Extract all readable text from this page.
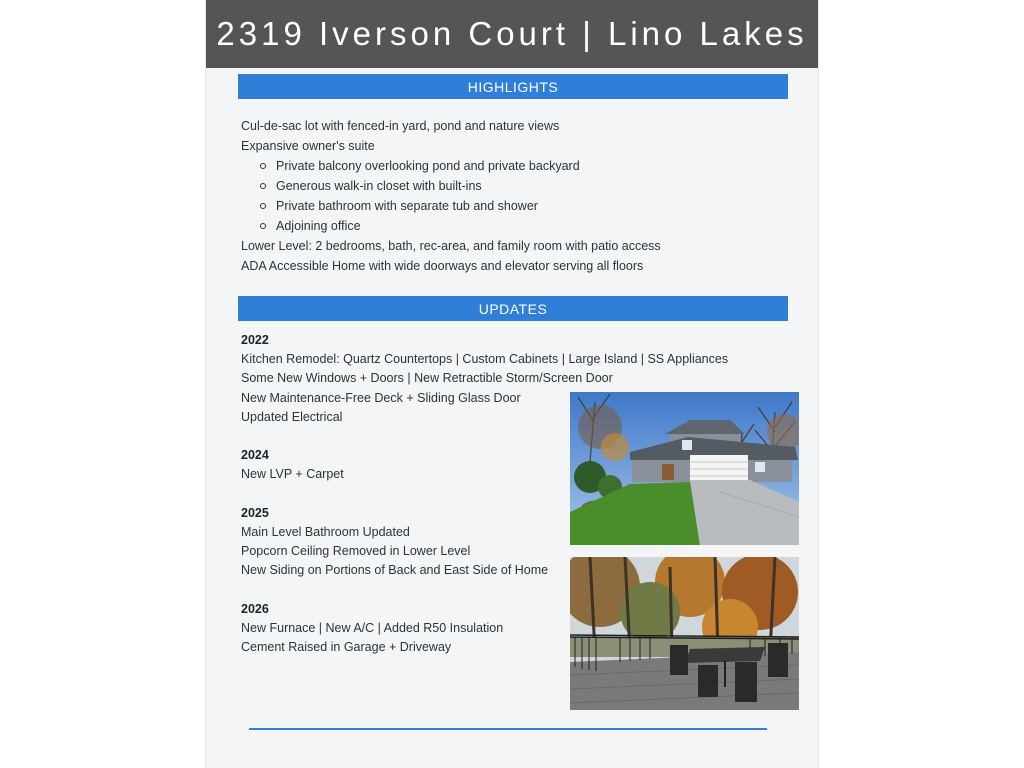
2319 Iverson Court | Lino Lakes
HIGHLIGHTS
Cul-de-sac lot with fenced-in yard, pond and nature views
Expansive owner's suite
Private balcony overlooking pond and private backyard
Generous walk-in closet with built-ins
Private bathroom with separate tub and shower
Adjoining office
Lower Level: 2 bedrooms, bath, rec-area, and family room with patio access
ADA Accessible Home with wide doorways and elevator serving all floors
UPDATES
2022
Kitchen Remodel: Quartz Countertops | Custom Cabinets | Large Island | SS Appliances
Some New Windows + Doors | New Retractible Storm/Screen Door
New Maintenance-Free Deck + Sliding Glass Door
Updated Electrical
2024
New LVP + Carpet
2025
Main Level Bathroom Updated
Popcorn Ceiling Removed in Lower Level
New Siding on Portions of Back and East Side of Home
2026
New Furnace | New A/C | Added R50 Insulation
Cement Raised in Garage + Driveway
